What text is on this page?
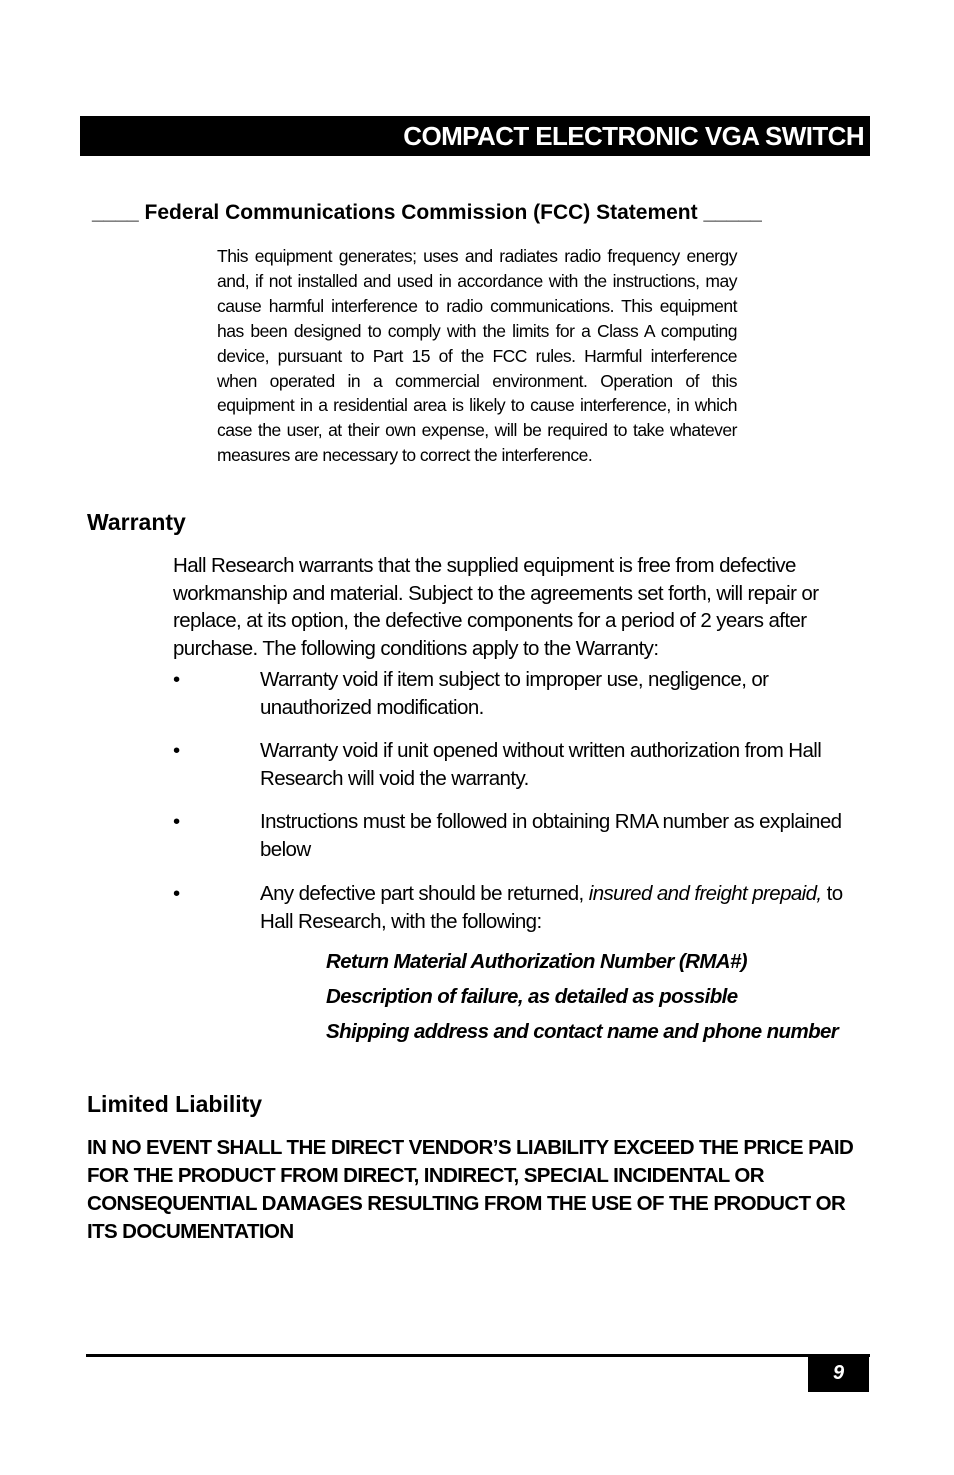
COMPACT ELECTRONIC VGA SWITCH
____ Federal Communications Commission (FCC) Statement _____
This equipment generates; uses and radiates radio frequency energy and, if not installed and used in accordance with the instructions, may cause harmful interference to radio communications. This equipment has been designed to comply with the limits for a Class A computing device, pursuant to Part 15 of the FCC rules. Harmful interference when operated in a commercial environment. Operation of this equipment in a residential area is likely to cause interference, in which case the user, at their own expense, will be required to take whatever measures are necessary to correct the interference.
Warranty
Hall Research warrants that the supplied equipment is free from defective workmanship and material. Subject to the agreements set forth, will repair or replace, at its option, the defective components for a period of 2 years after purchase. The following conditions apply to the Warranty:
•	Warranty void if item subject to improper use, negligence, or unauthorized modification.
•	Warranty void if unit opened without written authorization from Hall Research will void the warranty.
•	Instructions must be followed in obtaining RMA number as explained below
•	Any defective part should be returned, insured and freight prepaid, to Hall Research, with the following:
Return Material Authorization Number (RMA#)
Description of failure, as detailed as possible
Shipping address and contact name and phone number
Limited Liability
IN NO EVENT SHALL THE DIRECT VENDOR’S LIABILITY EXCEED THE PRICE PAID FOR THE PRODUCT FROM DIRECT, INDIRECT, SPECIAL INCIDENTAL OR CONSEQUENTIAL DAMAGES RESULTING FROM THE USE OF THE PRODUCT OR ITS DOCUMENTATION
9
